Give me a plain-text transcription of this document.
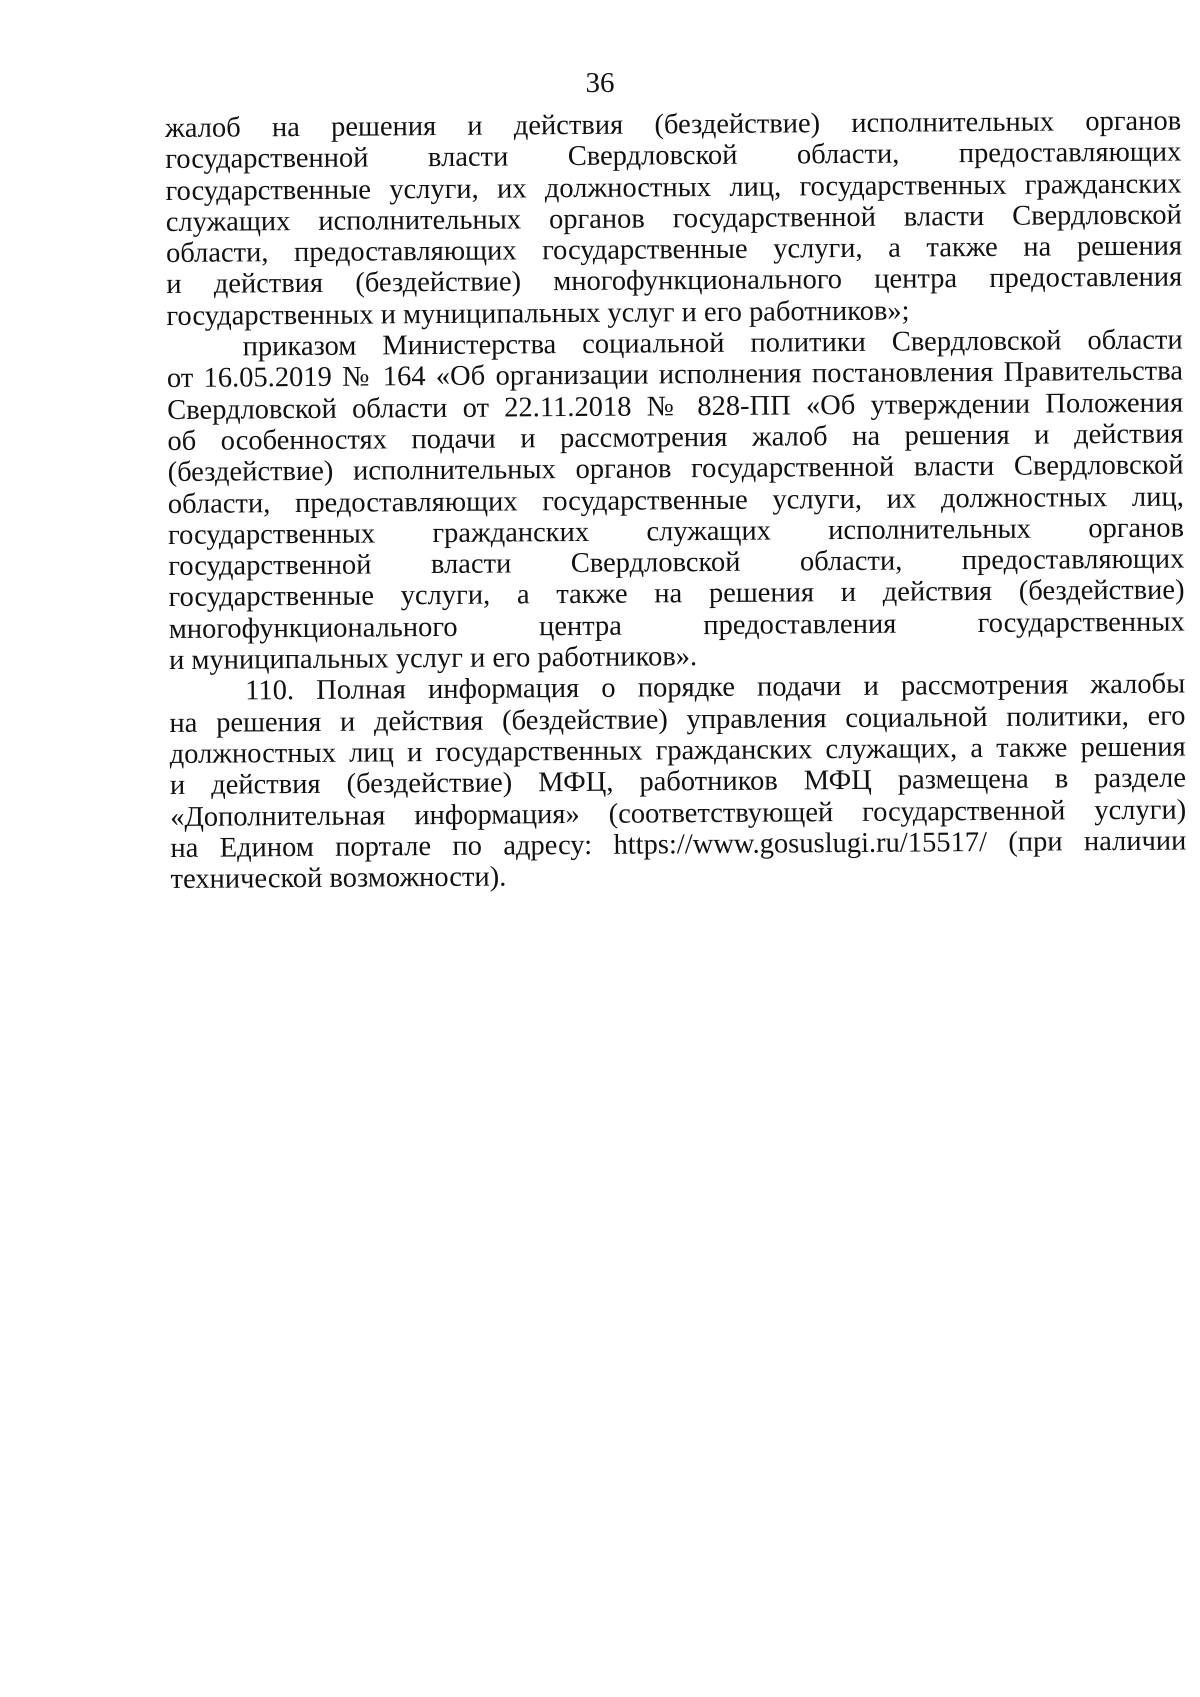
36
жалоб на решения и действия (бездействие) исполнительных органов
государственной власти Свердловской области, предоставляющих
государственные услуги, их должностных лиц, государственных гражданских
служащих исполнительных органов государственной власти Свердловской
области, предоставляющих государственные услуги, а также на решения
и действия (бездействие) многофункционального центра предоставления
государственных и муниципальных услуг и его работников»;
приказом Министерства социальной политики Свердловской области
от 16.05.2019 № 164 «Об организации исполнения постановления Правительства
Свердловской области от 22.11.2018 № 828-ПП «Об утверждении Положения
об особенностях подачи и рассмотрения жалоб на решения и действия
(бездействие) исполнительных органов государственной власти Свердловской
области, предоставляющих государственные услуги, их должностных лиц,
государственных гражданских служащих исполнительных органов
государственной власти Свердловской области, предоставляющих
государственные услуги, а также на решения и действия (бездействие)
многофункционального центра предоставления государственных
и муниципальных услуг и его работников».
110. Полная информация о порядке подачи и рассмотрения жалобы
на решения и действия (бездействие) управления социальной политики, его
должностных лиц и государственных гражданских служащих, а также решения
и действия (бездействие) МФЦ, работников МФЦ размещена в разделе
«Дополнительная информация» (соответствующей государственной услуги)
на Едином портале по адресу: https://www.gosuslugi.ru/15517/ (при наличии
технической возможности).
